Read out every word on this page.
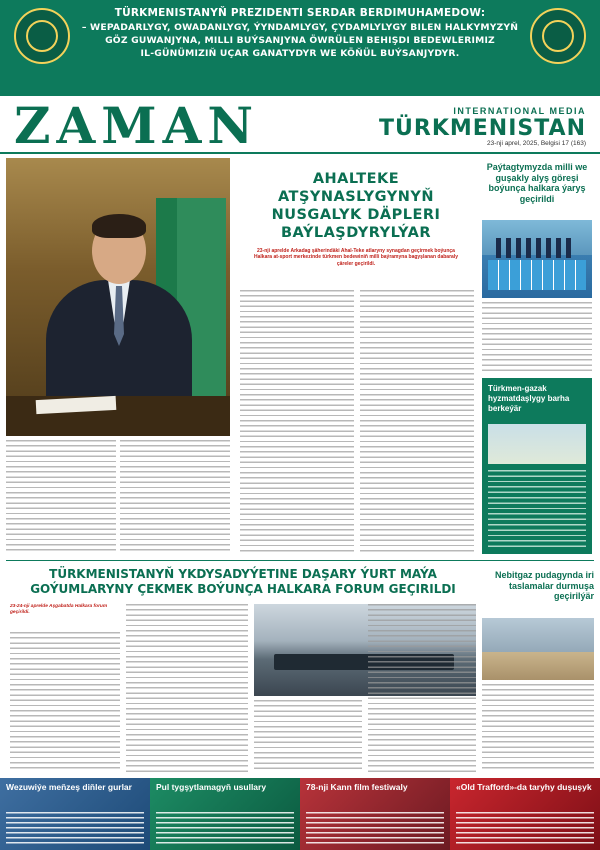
TÜRKMENISTANYŇ PREZIDENTI SERDAR BERDIMUHAMEDOW:
– WEPADARLYGY, OWADANLYGY, ÝYNDAMLYGY, ÇYDAMLYLYGY BILEN HALKYMYZYŇ
GÖZ GUWANJYNA, MILLI BUÝSANJYNA ÖWRÜLEN BEHIŞDI BEDEWLERIMIZ
IL-GÜNÜMIZIŇ UÇAR GANATYDYR WE KÖŇÜL BUÝSANJYDYR.
ZAMAN	INTERNATIONAL MEDIA
TÜRKMENISTAN
23-nji aprel, 2025, Belgisi 17 (163)
AHALTEKE ATŞYNASLYGYNYŇ NUSGALYK DÄPLERI BAÝLAŞDYRYLÝAR
23-nji aprelde Arkadag şäherindäki Ahal-Teke atlaryny synagdan geçirmek boýunça Halkara at-sport merkezinde türkmen bedewiniň milli baýramyna bagyşlanan dabaraly çäreler geçirildi.
Paýtagtymyzda milli we guşakly alyş göreşi boýunça halkara ýaryş geçirildi
Türkmen-gazak hyzmatdaşlygy barha berkeýär
TÜRKMENISTANYŇ YKDYSADYÝETINE DAŞARY ÝURT MAÝA GOÝUMLARYNY ÇEKMEK BOÝUNÇA HALKARA FORUM GEÇIRILDI
23-24-nji aprelde Aşgabatda Halkara forum geçirildi.
Nebitgaz pudagynda iri taslamalar durmuşa geçirilýär
Wezuwiýe meňzeş diňler gurlar	Pul tygşytlamagyň usullary	78-nji Kann film festiwaly	«Old Trafford»-da taryhy duşuşyk
